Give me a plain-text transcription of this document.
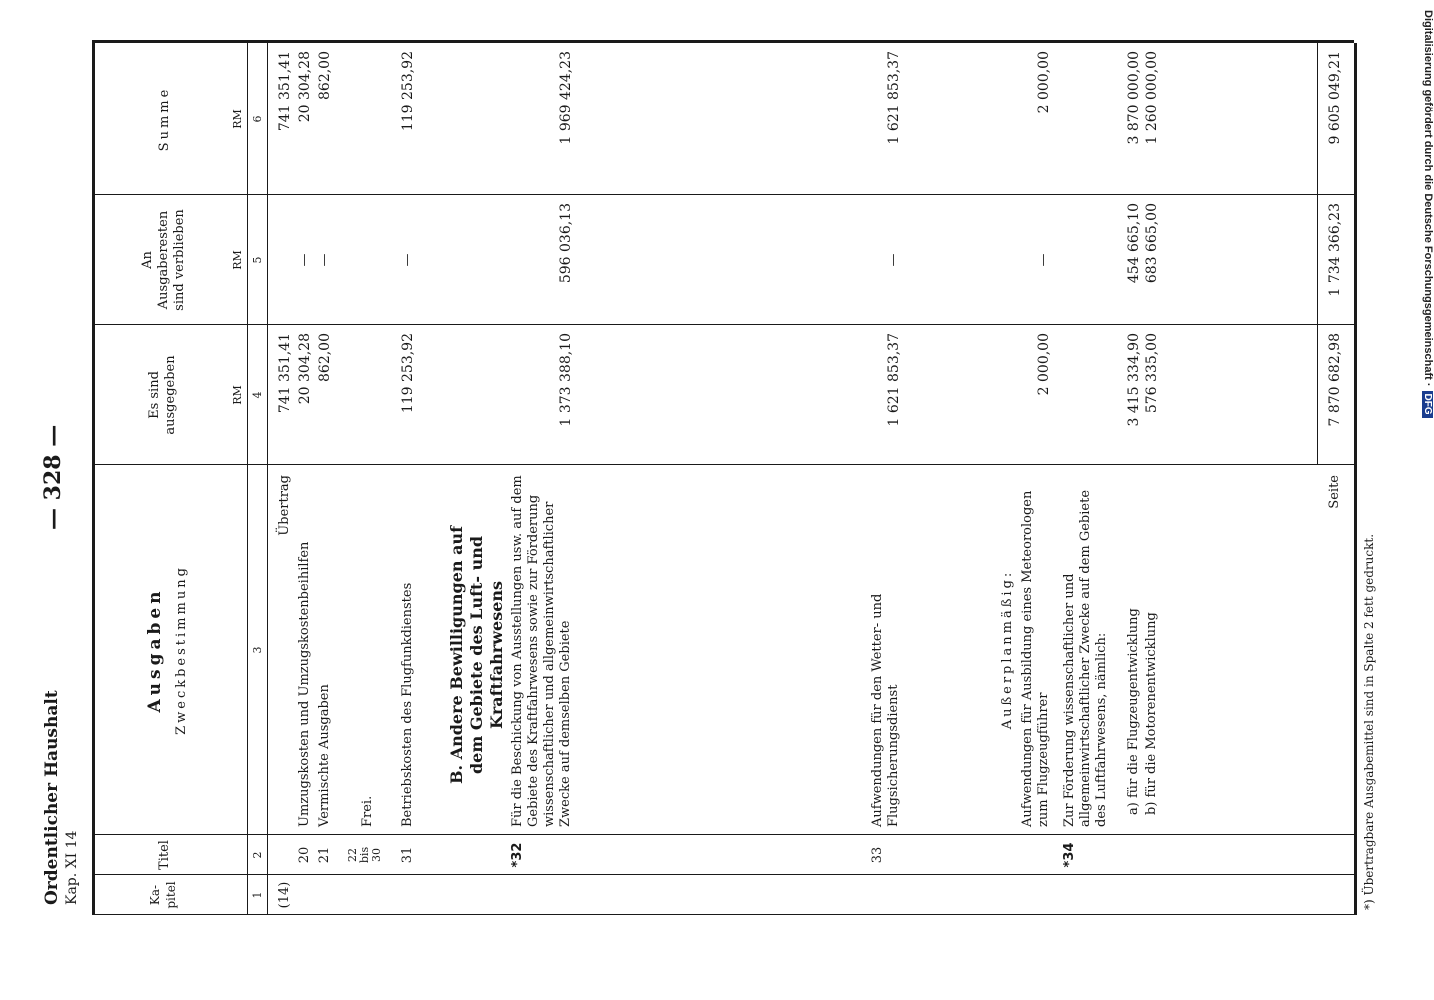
Ordentlicher Haushalt Kap. XI 14
— 328 —
Ka-
pitel
Titel
Ausgaben Zweckbestimmung
Es sind
ausgegeben
An
Ausgaberesten
sind verblieben
Summe
RM
RM
RM
1
2
3
4
5
6
(14)
Übertrag
741 351,41
741 351,41
20
Umzugskosten und Umzugskostenbeihilfen
20 304,28
—
20 304,28
21
Vermischte Ausgaben
862,00
—
862,00
22
bis
30
Frei.
31
Betriebskosten des Flugfunkdienstes
119 253,92
—
119 253,92
B. Andere Bewilligungen auf dem Gebiete des Luft- und Kraftfahrwesens
*32
Für die Beschickung von Ausstellungen usw. auf dem Gebiete des Kraftfahrwesens sowie zur Förderung wissenschaftlicher und allgemeinwirtschaftlicher Zwecke auf demselben Gebiete
1 373 388,10
596 036,13
1 969 424,23
33
Aufwendungen für den Wetter- und Flugsicherungsdienst
1 621 853,37
—
1 621 853,37
Außerplanmäßig: Aufwendungen für Ausbildung eines Meteorologen zum Flugzeugführer
2 000,00
—
2 000,00
*34
Zur Förderung wissenschaftlicher und allgemeinwirtschaftlicher Zwecke auf dem Gebiete des Luftfahrwesens, nämlich: a) für die Flugzeugentwicklung
3 415 334,90
454 665,10
3 870 000,00
b) für die Motorenentwicklung
576 335,00
683 665,00
1 260 000,00
Seite
7 870 682,98
1 734 366,23
9 605 049,21
*) Übertragbare Ausgabemittel sind in Spalte 2 fett gedruckt.
Digitalisierung gefördert durch die Deutsche Forschungsgemeinschaft ·DFG
